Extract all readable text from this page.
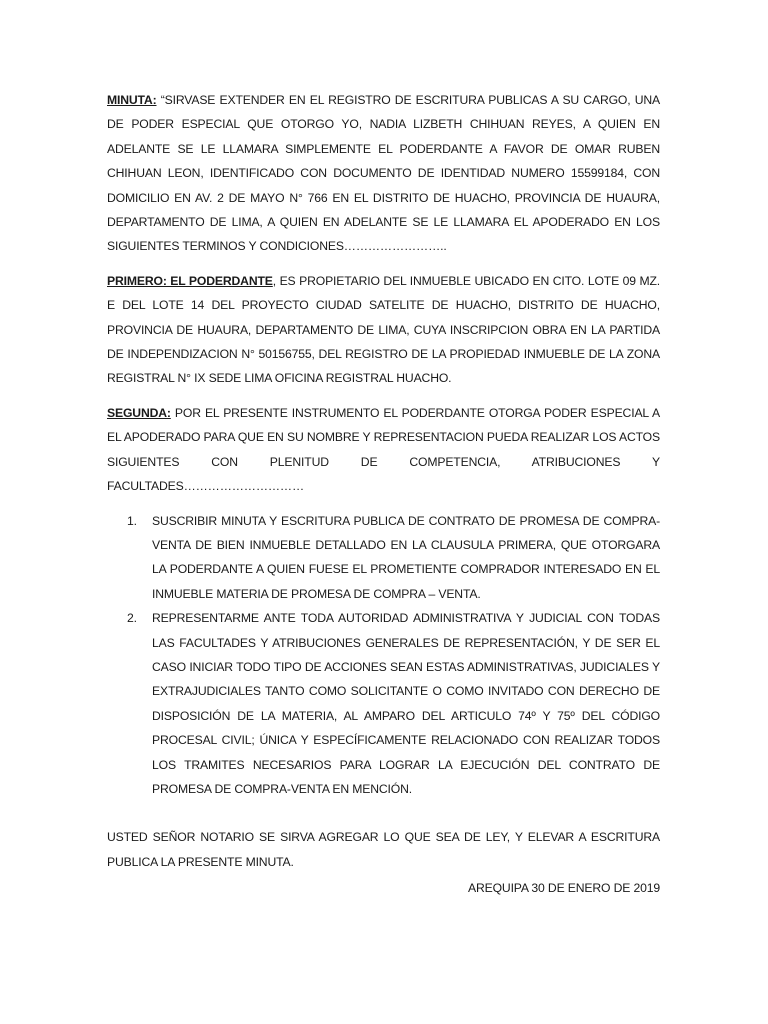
MINUTA: “SIRVASE EXTENDER EN EL REGISTRO DE ESCRITURA PUBLICAS A SU CARGO, UNA DE PODER ESPECIAL QUE OTORGO YO, NADIA LIZBETH CHIHUAN REYES, A QUIEN EN ADELANTE SE LE LLAMARA SIMPLEMENTE EL PODERDANTE A FAVOR DE OMAR RUBEN CHIHUAN LEON, IDENTIFICADO CON DOCUMENTO DE IDENTIDAD NUMERO 15599184, CON DOMICILIO EN AV. 2 DE MAYO N° 766 EN EL DISTRITO DE HUACHO, PROVINCIA DE HUAURA, DEPARTAMENTO DE LIMA, A QUIEN EN ADELANTE SE LE LLAMARA EL APODERADO EN LOS SIGUIENTES TERMINOS Y CONDICIONES……………………..

PRIMERO: EL PODERDANTE, ES PROPIETARIO DEL INMUEBLE UBICADO EN CITO. LOTE 09 MZ. E DEL LOTE 14 DEL PROYECTO CIUDAD SATELITE DE HUACHO, DISTRITO DE HUACHO, PROVINCIA DE HUAURA, DEPARTAMENTO DE LIMA, CUYA INSCRIPCION OBRA EN LA PARTIDA DE INDEPENDIZACION N° 50156755, DEL REGISTRO DE LA PROPIEDAD INMUEBLE DE LA ZONA REGISTRAL N° IX SEDE LIMA OFICINA REGISTRAL HUACHO.

SEGUNDA: POR EL PRESENTE INSTRUMENTO EL PODERDANTE OTORGA PODER ESPECIAL A EL APODERADO PARA QUE EN SU NOMBRE Y REPRESENTACION PUEDA REALIZAR LOS ACTOS SIGUIENTES CON PLENITUD DE COMPETENCIA, ATRIBUCIONES Y FACULTADES…………………………

1. SUSCRIBIR MINUTA Y ESCRITURA PUBLICA DE CONTRATO DE PROMESA DE COMPRA-VENTA DE BIEN INMUEBLE DETALLADO EN LA CLAUSULA PRIMERA, QUE OTORGARA LA PODERDANTE A QUIEN FUESE EL PROMETIENTE COMPRADOR INTERESADO EN EL INMUEBLE MATERIA DE PROMESA DE COMPRA – VENTA.
2. REPRESENTARME ANTE TODA AUTORIDAD ADMINISTRATIVA Y JUDICIAL CON TODAS LAS FACULTADES Y ATRIBUCIONES GENERALES DE REPRESENTACIÓN, Y DE SER EL CASO INICIAR TODO TIPO DE ACCIONES SEAN ESTAS ADMINISTRATIVAS, JUDICIALES Y EXTRAJUDICIALES TANTO COMO SOLICITANTE O COMO INVITADO CON DERECHO DE DISPOSICIÓN DE LA MATERIA, AL AMPARO DEL ARTICULO 74º Y 75º DEL CÓDIGO PROCESAL CIVIL; ÚNICA Y ESPECÍFICAMENTE RELACIONADO CON REALIZAR TODOS LOS TRAMITES NECESARIOS PARA LOGRAR LA EJECUCIÓN DEL CONTRATO DE PROMESA DE COMPRA-VENTA EN MENCIÓN.

USTED SEÑOR NOTARIO SE SIRVA AGREGAR LO QUE SEA DE LEY, Y ELEVAR A ESCRITURA PUBLICA LA PRESENTE MINUTA.

AREQUIPA 30 DE ENERO DE 2019
